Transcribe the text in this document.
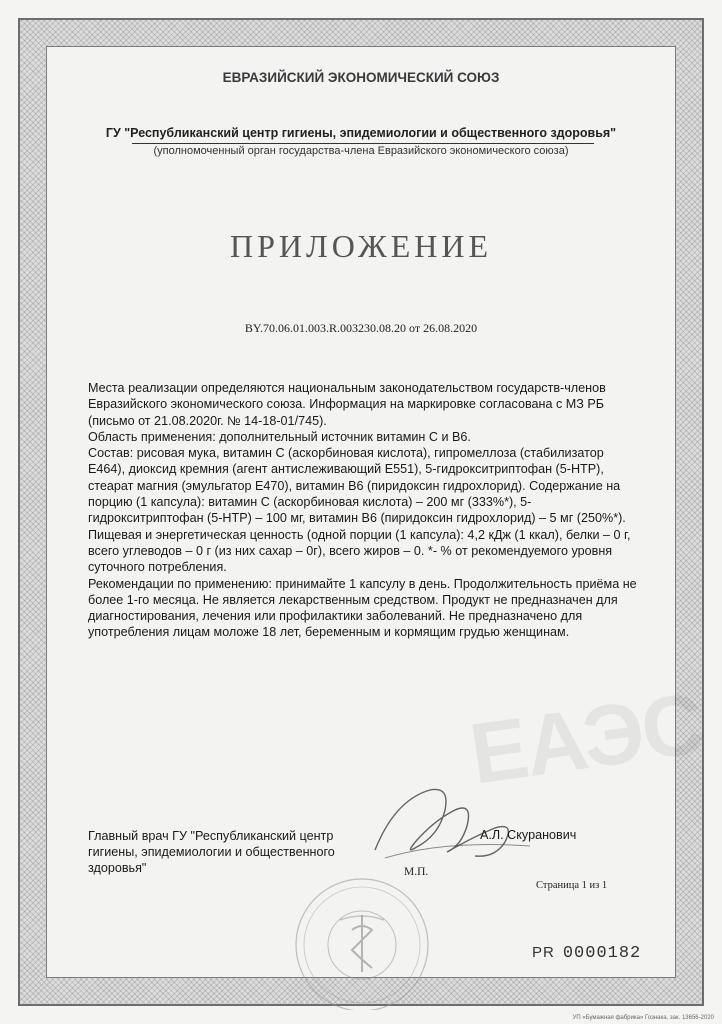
ЕАЭС
ЕВРАЗИЙСКИЙ ЭКОНОМИЧЕСКИЙ СОЮЗ
ГУ "Республиканский центр гигиены, эпидемиологии и общественного здоровья"
(уполномоченный орган государства-члена Евразийского экономического союза)
ПРИЛОЖЕНИЕ
BY.70.06.01.003.R.003230.08.20 от 26.08.2020
Места реализации определяются национальным законодательством государств-членов Евразийского экономического союза. Информация на маркировке согласована с МЗ РБ (письмо от 21.08.2020г. № 14-18-01/745).
Область применения: дополнительный источник витамин С и В6.
Состав: рисовая мука, витамин С (аскорбиновая кислота), гипромеллоза (стабилизатор Е464), диоксид кремния (агент антислеживающий Е551), 5-гидрокситриптофан (5-НТР), стеарат магния (эмульгатор Е470), витамин В6 (пиридоксин гидрохлорид). Содержание на порцию (1 капсула): витамин С (аскорбиновая кислота) – 200 мг (333%*), 5-гидрокситриптофан (5-НТР) – 100 мг, витамин В6 (пиридоксин гидрохлорид) – 5 мг (250%*). Пищевая и энергетическая ценность (одной порции (1 капсула): 4,2 кДж (1 ккал), белки – 0 г, всего углеводов – 0 г (из них сахар – 0г), всего жиров – 0. *- % от рекомендуемого уровня суточного потребления.
Рекомендации по применению: принимайте 1 капсулу в день. Продолжительность приёма не более 1-го месяца. Не является лекарственным средством. Продукт не предназначен для диагностирования, лечения или профилактики заболеваний. Не предназначено для употребления лицам моложе 18 лет, беременным и кормящим грудью женщинам.
Главный врач ГУ "Республиканский центр гигиены, эпидемиологии и общественного здоровья"
А.Л. Скуранович
М.П.
Страница 1 из 1
PR 0000182
УП «Бумажная фабрика» Гознака, зак. 13656-2020
